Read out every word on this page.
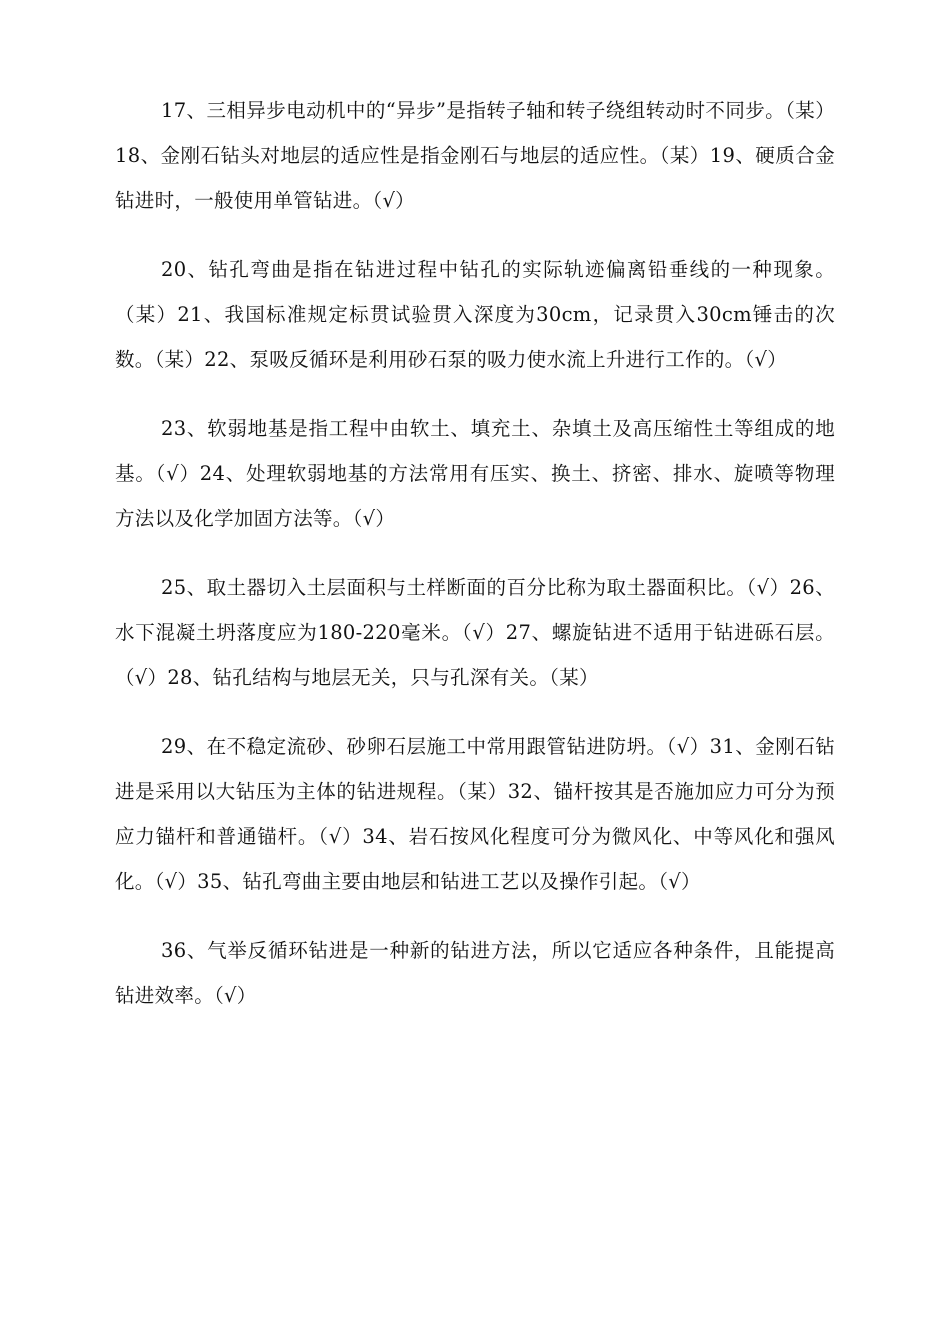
17、三相异步电动机中的“异步”是指转子轴和转子绕组转动时不同步。（某）18、金刚石钻头对地层的适应性是指金刚石与地层的适应性。（某）19、硬质合金钻进时，一般使用单管钻进。（√）

20、钻孔弯曲是指在钻进过程中钻孔的实际轨迹偏离铅垂线的一种现象。（某）21、我国标准规定标贯试验贯入深度为30cm，记录贯入30cm锤击的次数。（某）22、泵吸反循环是利用砂石泵的吸力使水流上升进行工作的。（√）

23、软弱地基是指工程中由软土、填充土、杂填土及高压缩性土等组成的地基。（√）24、处理软弱地基的方法常用有压实、换土、挤密、排水、旋喷等物理方法以及化学加固方法等。（√）

25、取土器切入土层面积与土样断面的百分比称为取土器面积比。（√）26、水下混凝土坍落度应为180-220毫米。（√）27、螺旋钻进不适用于钻进砾石层。（√）28、钻孔结构与地层无关，只与孔深有关。（某）

29、在不稳定流砂、砂卵石层施工中常用跟管钻进防坍。（√）31、金刚石钻进是采用以大钻压为主体的钻进规程。（某）32、锚杆按其是否施加应力可分为预应力锚杆和普通锚杆。（√）34、岩石按风化程度可分为微风化、中等风化和强风化。（√）35、钻孔弯曲主要由地层和钻进工艺以及操作引起。（√）

36、气举反循环钻进是一种新的钻进方法，所以它适应各种条件，且能提高钻进效率。（√）
